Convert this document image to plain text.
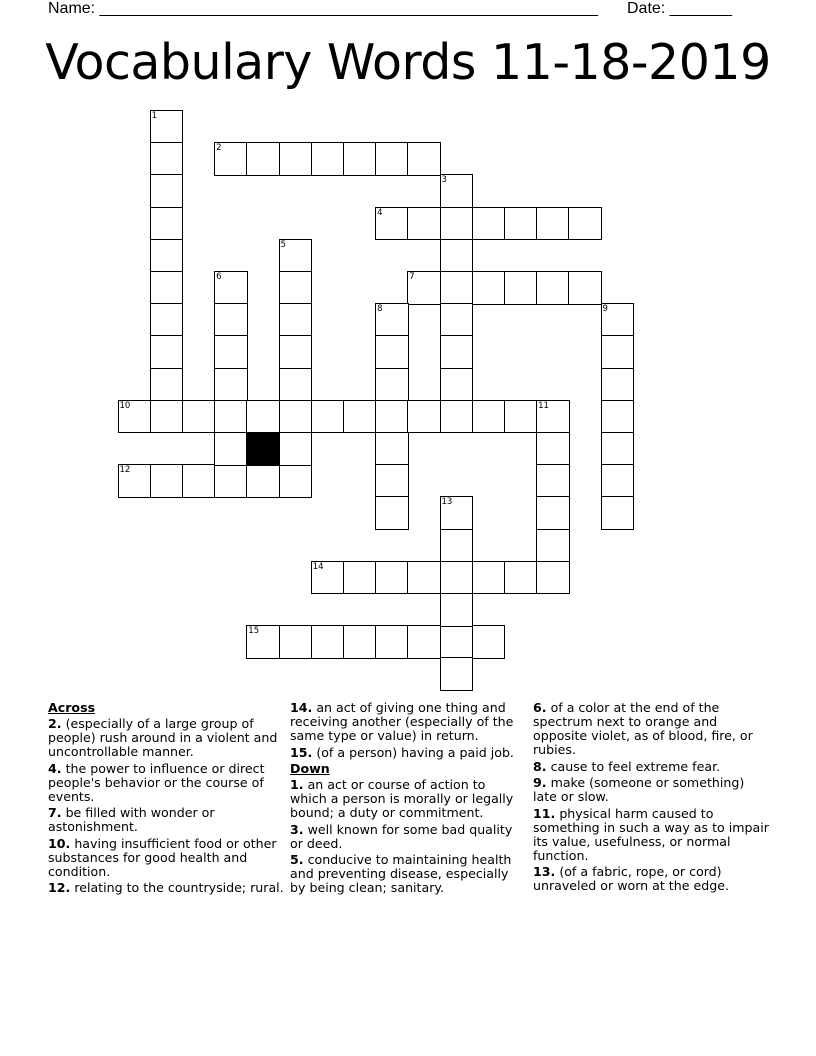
Name: ________________________________________________________ Date: _______
Vocabulary Words 11-18-2019
2
4
7
10	11
12
14
15
1
3
5
6
8	9
13
Across
2. (especially of a large group of people) rush around in a violent and uncontrollable manner.
4. the power to influence or direct people's behavior or the course of events.
7. be filled with wonder or astonishment.
10. having insufficient food or other substances for good health and condition.
12. relating to the countryside; rural.
14. an act of giving one thing and receiving another (especially of the same type or value) in return.
15. (of a person) having a paid job.
Down
1. an act or course of action to which a person is morally or legally bound; a duty or commitment.
3. well known for some bad quality or deed.
5. conducive to maintaining health and preventing disease, especially by being clean; sanitary.
6. of a color at the end of the spectrum next to orange and opposite violet, as of blood, fire, or rubies.
8. cause to feel extreme fear.
9. make (someone or something) late or slow.
11. physical harm caused to something in such a way as to impair its value, usefulness, or normal function.
13. (of a fabric, rope, or cord) unraveled or worn at the edge.
